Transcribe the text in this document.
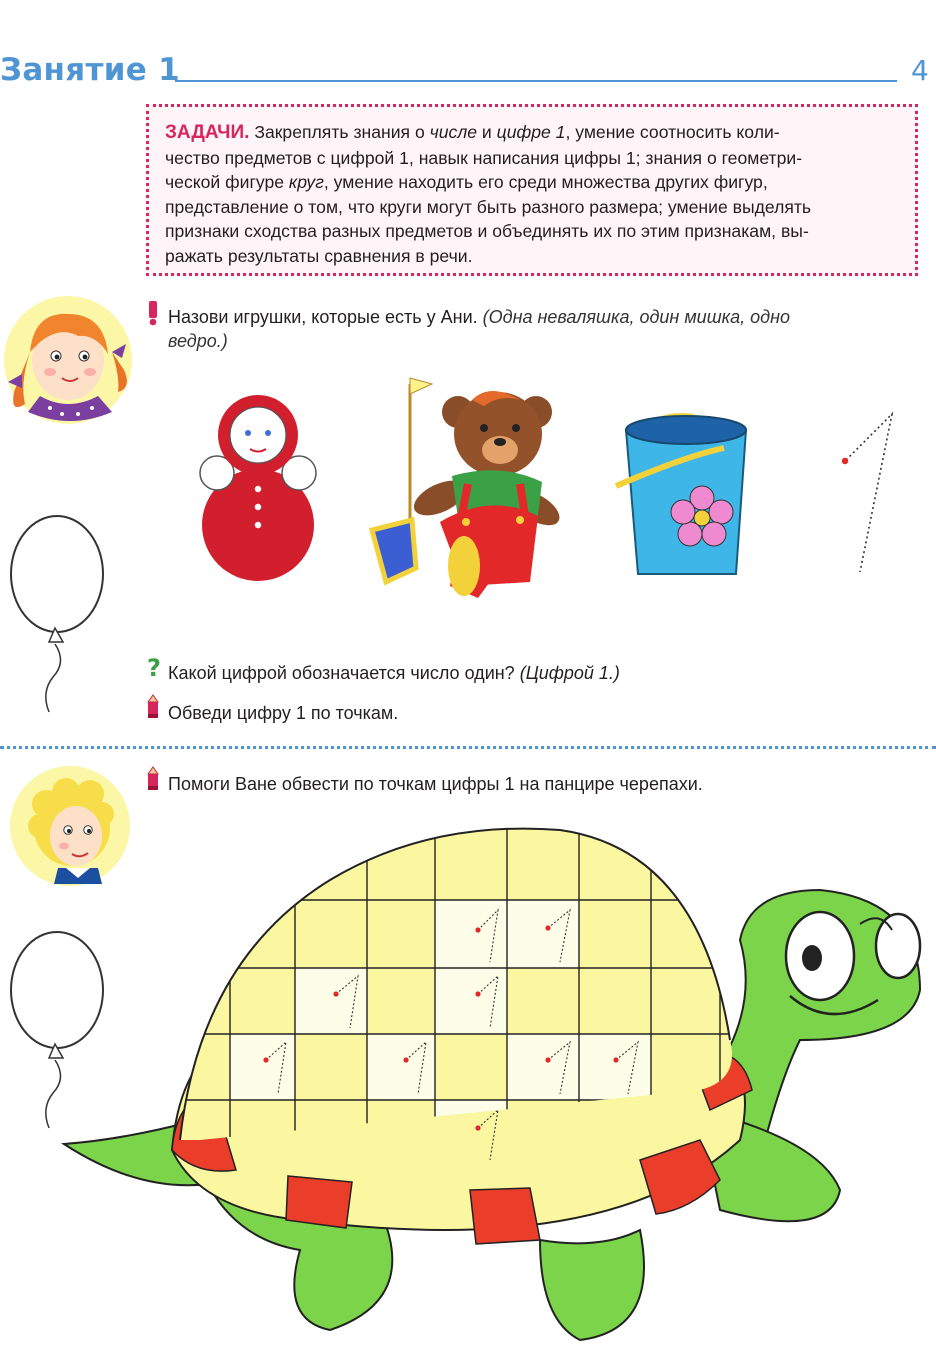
Занятие 1	4
ЗАДАЧИ. Закреплять знания о числе и цифре 1, умение соотносить коли-
чество предметов с цифрой 1, навык написания цифры 1; знания о геометри-
ческой фигуре круг, умение находить его среди множества других фигур,
представление о том, что круги могут быть разного размера; умение выделять
признаки сходства разных предметов и объединять их по этим признакам, вы-
ражать результаты сравнения в речи.
Назови игрушки, которые есть у Ани. (Одна неваляшка, один мишка, одно
ведро.)
? Какой цифрой обозначается число один? (Цифрой 1.)
Обведи цифру 1 по точкам.
Помоги Ване обвести по точкам цифры 1 на панцире черепахи.
